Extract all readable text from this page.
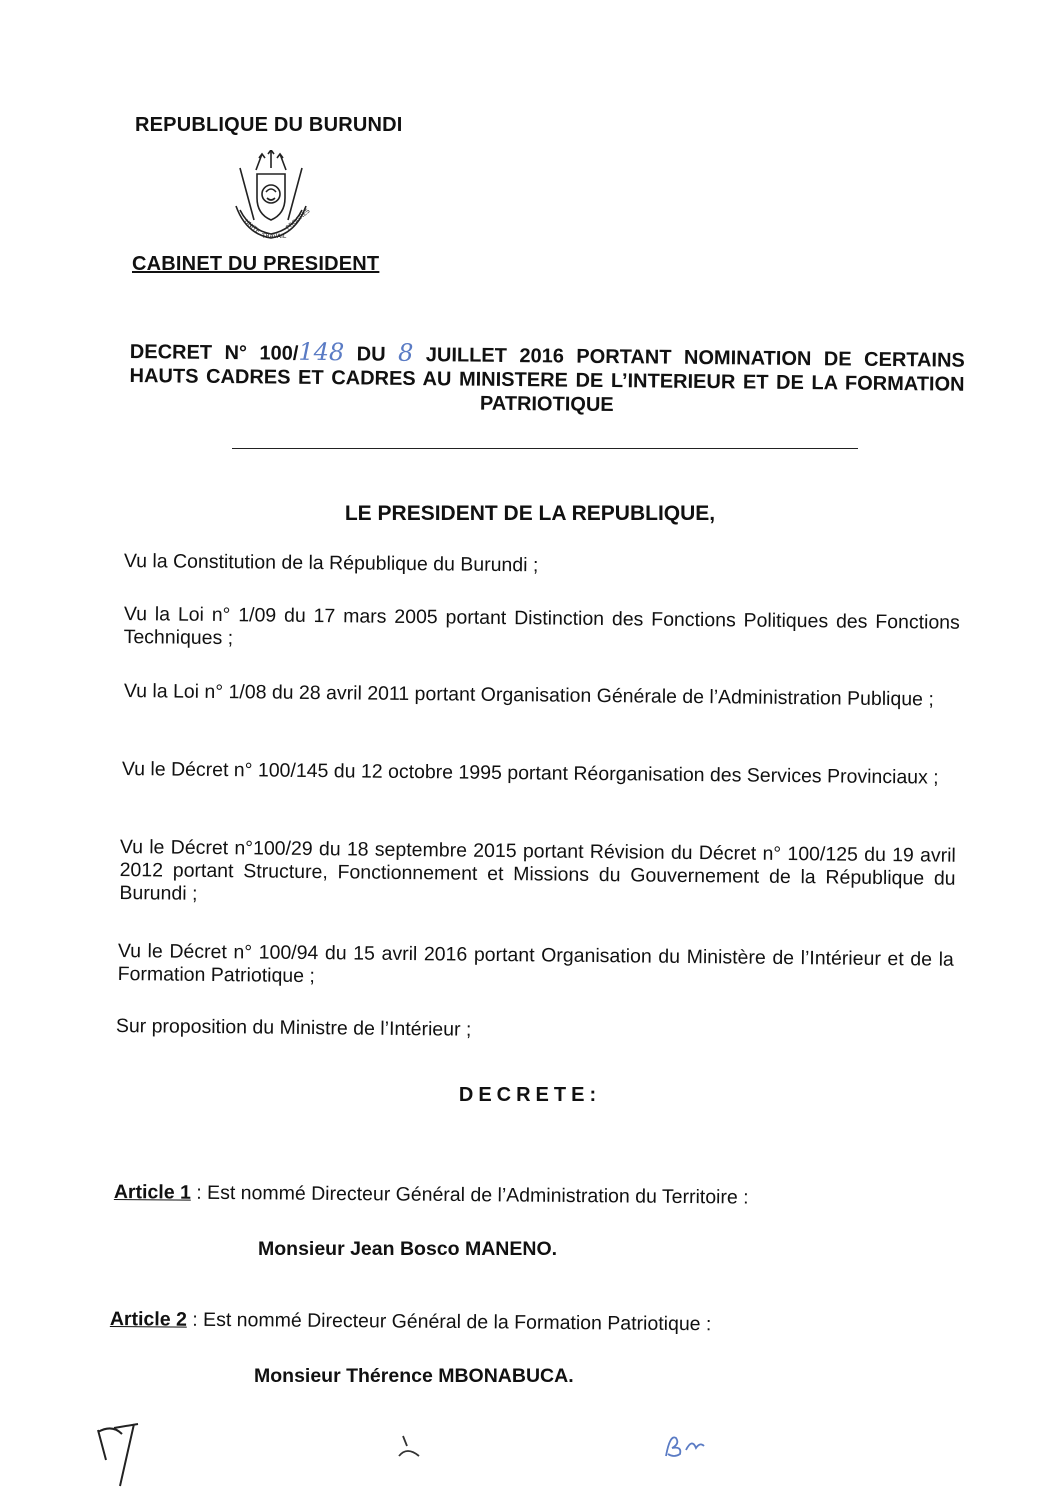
REPUBLIQUE DU BURUNDI
UNITE
TRAVAIL
PROGRES
CABINET DU PRESIDENT
DECRET N° 100/148 DU 8 JUILLET 2016 PORTANT NOMINATION DE CERTAINS
HAUTS CADRES ET CADRES AU MINISTERE DE L’INTERIEUR ET DE LA FORMATION
PATRIOTIQUE
LE PRESIDENT DE LA REPUBLIQUE,
Vu la Constitution de la République du Burundi ;
Vu la Loi n° 1/09 du 17 mars 2005 portant Distinction des Fonctions Politiques des Fonctions Techniques ;
Vu la Loi n° 1/08 du 28 avril 2011 portant Organisation Générale de l’Administration Publique ;
Vu le Décret n° 100/145 du 12 octobre 1995 portant Réorganisation des Services Provinciaux ;
Vu le Décret n°100/29 du 18 septembre 2015 portant Révision du Décret n° 100/125 du 19 avril 2012 portant Structure, Fonctionnement et Missions du Gouvernement de la République du Burundi ;
Vu le Décret n° 100/94 du 15 avril 2016 portant Organisation du Ministère de l’Intérieur et de la Formation Patriotique ;
Sur proposition du Ministre de l’Intérieur ;
DECRETE:
Article 1 : Est nommé Directeur Général de l’Administration du Territoire :
Monsieur Jean Bosco MANENO.
Article 2 : Est nommé Directeur Général de la Formation Patriotique :
Monsieur Thérence MBONABUCA.
